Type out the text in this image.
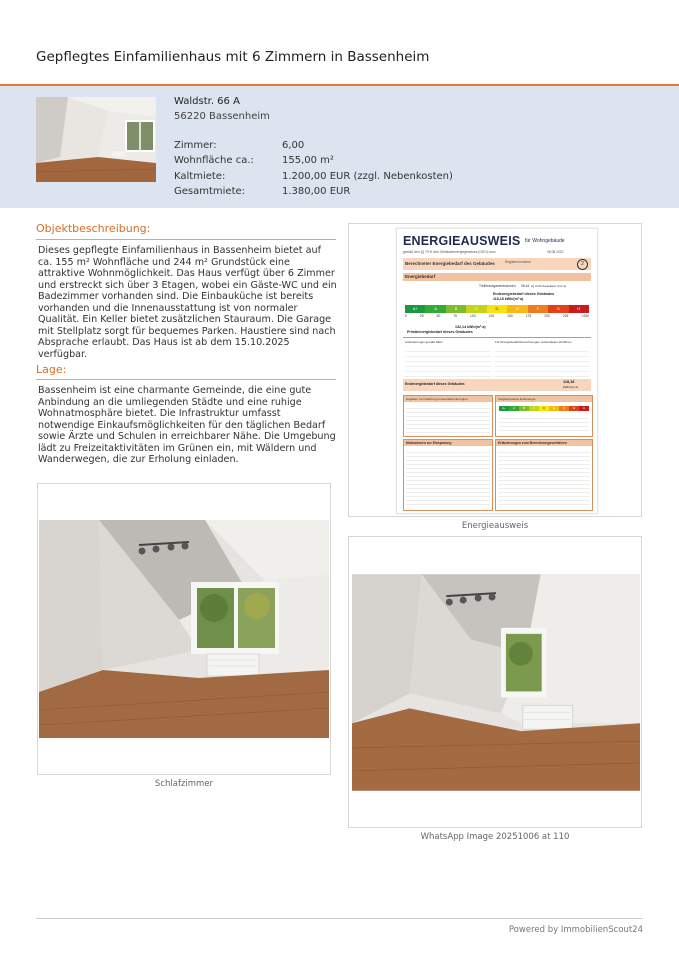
Gepflegtes Einfamilienhaus mit 6 Zimmern in Bassenheim
Waldstr. 66 A
56220 Bassenheim
Zimmer:	6,00
Wohnfläche ca.:	155,00 m²
Kaltmiete:	1.200,00 EUR (zzgl. Nebenkosten)
Gesamtmiete:	1.380,00 EUR
Objektbeschreibung:
Dieses gepflegte Einfamilienhaus in Bassenheim bietet auf ca. 155 m² Wohnfläche und 244 m² Grundstück eine attraktive Wohnmöglichkeit. Das Haus verfügt über 6 Zimmer und erstreckt sich über 3 Etagen, wobei ein Gäste-WC und ein Badezimmer vorhanden sind. Die Einbauküche ist bereits vorhanden und die Innenausstattung ist von normaler Qualität. Ein Keller bietet zusätzlichen Stauraum. Die Garage mit Stellplatz sorgt für bequemes Parken. Haustiere sind nach Absprache erlaubt. Das Haus ist ab dem 15.10.2025 verfügbar.
Lage:
Bassenheim ist eine charmante Gemeinde, die eine gute Anbindung an die umliegenden Städte und eine ruhige Wohnatmosphäre bietet. Die Infrastruktur umfasst notwendige Einkaufsmöglichkeiten für den täglichen Bedarf sowie Ärzte und Schulen in erreichbarer Nähe. Die Umgebung lädt zu Freizeitaktivitäten im Grünen ein, mit Wäldern und Wanderwegen, die zur Erholung einladen.
ENERGIEAUSWEIS für Wohngebäude
gemäß den §§ 79 ff. des Gebäudeenergiegesetzes (GEG) vom¹	08.08.2020
Berechneter Energiebedarf des Gebäudes	Registriernummer	2
Energiebedarf
Treibhausgasemissionen 36,44 kg CO2-Äquivalent /(m²·a)
Endenergiebedarf dieses Gebäudes
118,18 kWh/(m²·a)
A+	A	B	C	D	E	F	G	H
0	25	50	75	100	125	150	175	200	225	>250
132,14 kWh/(m²·a)
Primärenergiebedarf dieses Gebäudes
Anforderungen gemäß GEG	Für Energiebedarfsberechnungen verwendetes Verfahren
Endenergiebedarf dieses Gebäudes	118,18
kWh/(m²·a)
Angaben zum Nutzung erneuerbarer Energien	Vergleichswerte Endenergie
A+	A	B	C	D	E	F	G	H
Maßnahmen zur Einsparung	Erläuterungen zum Berechnungsverfahren
Energieausweis
Schlafzimmer
WhatsApp Image 20251006 at 110
Powered by ImmobilienScout24
